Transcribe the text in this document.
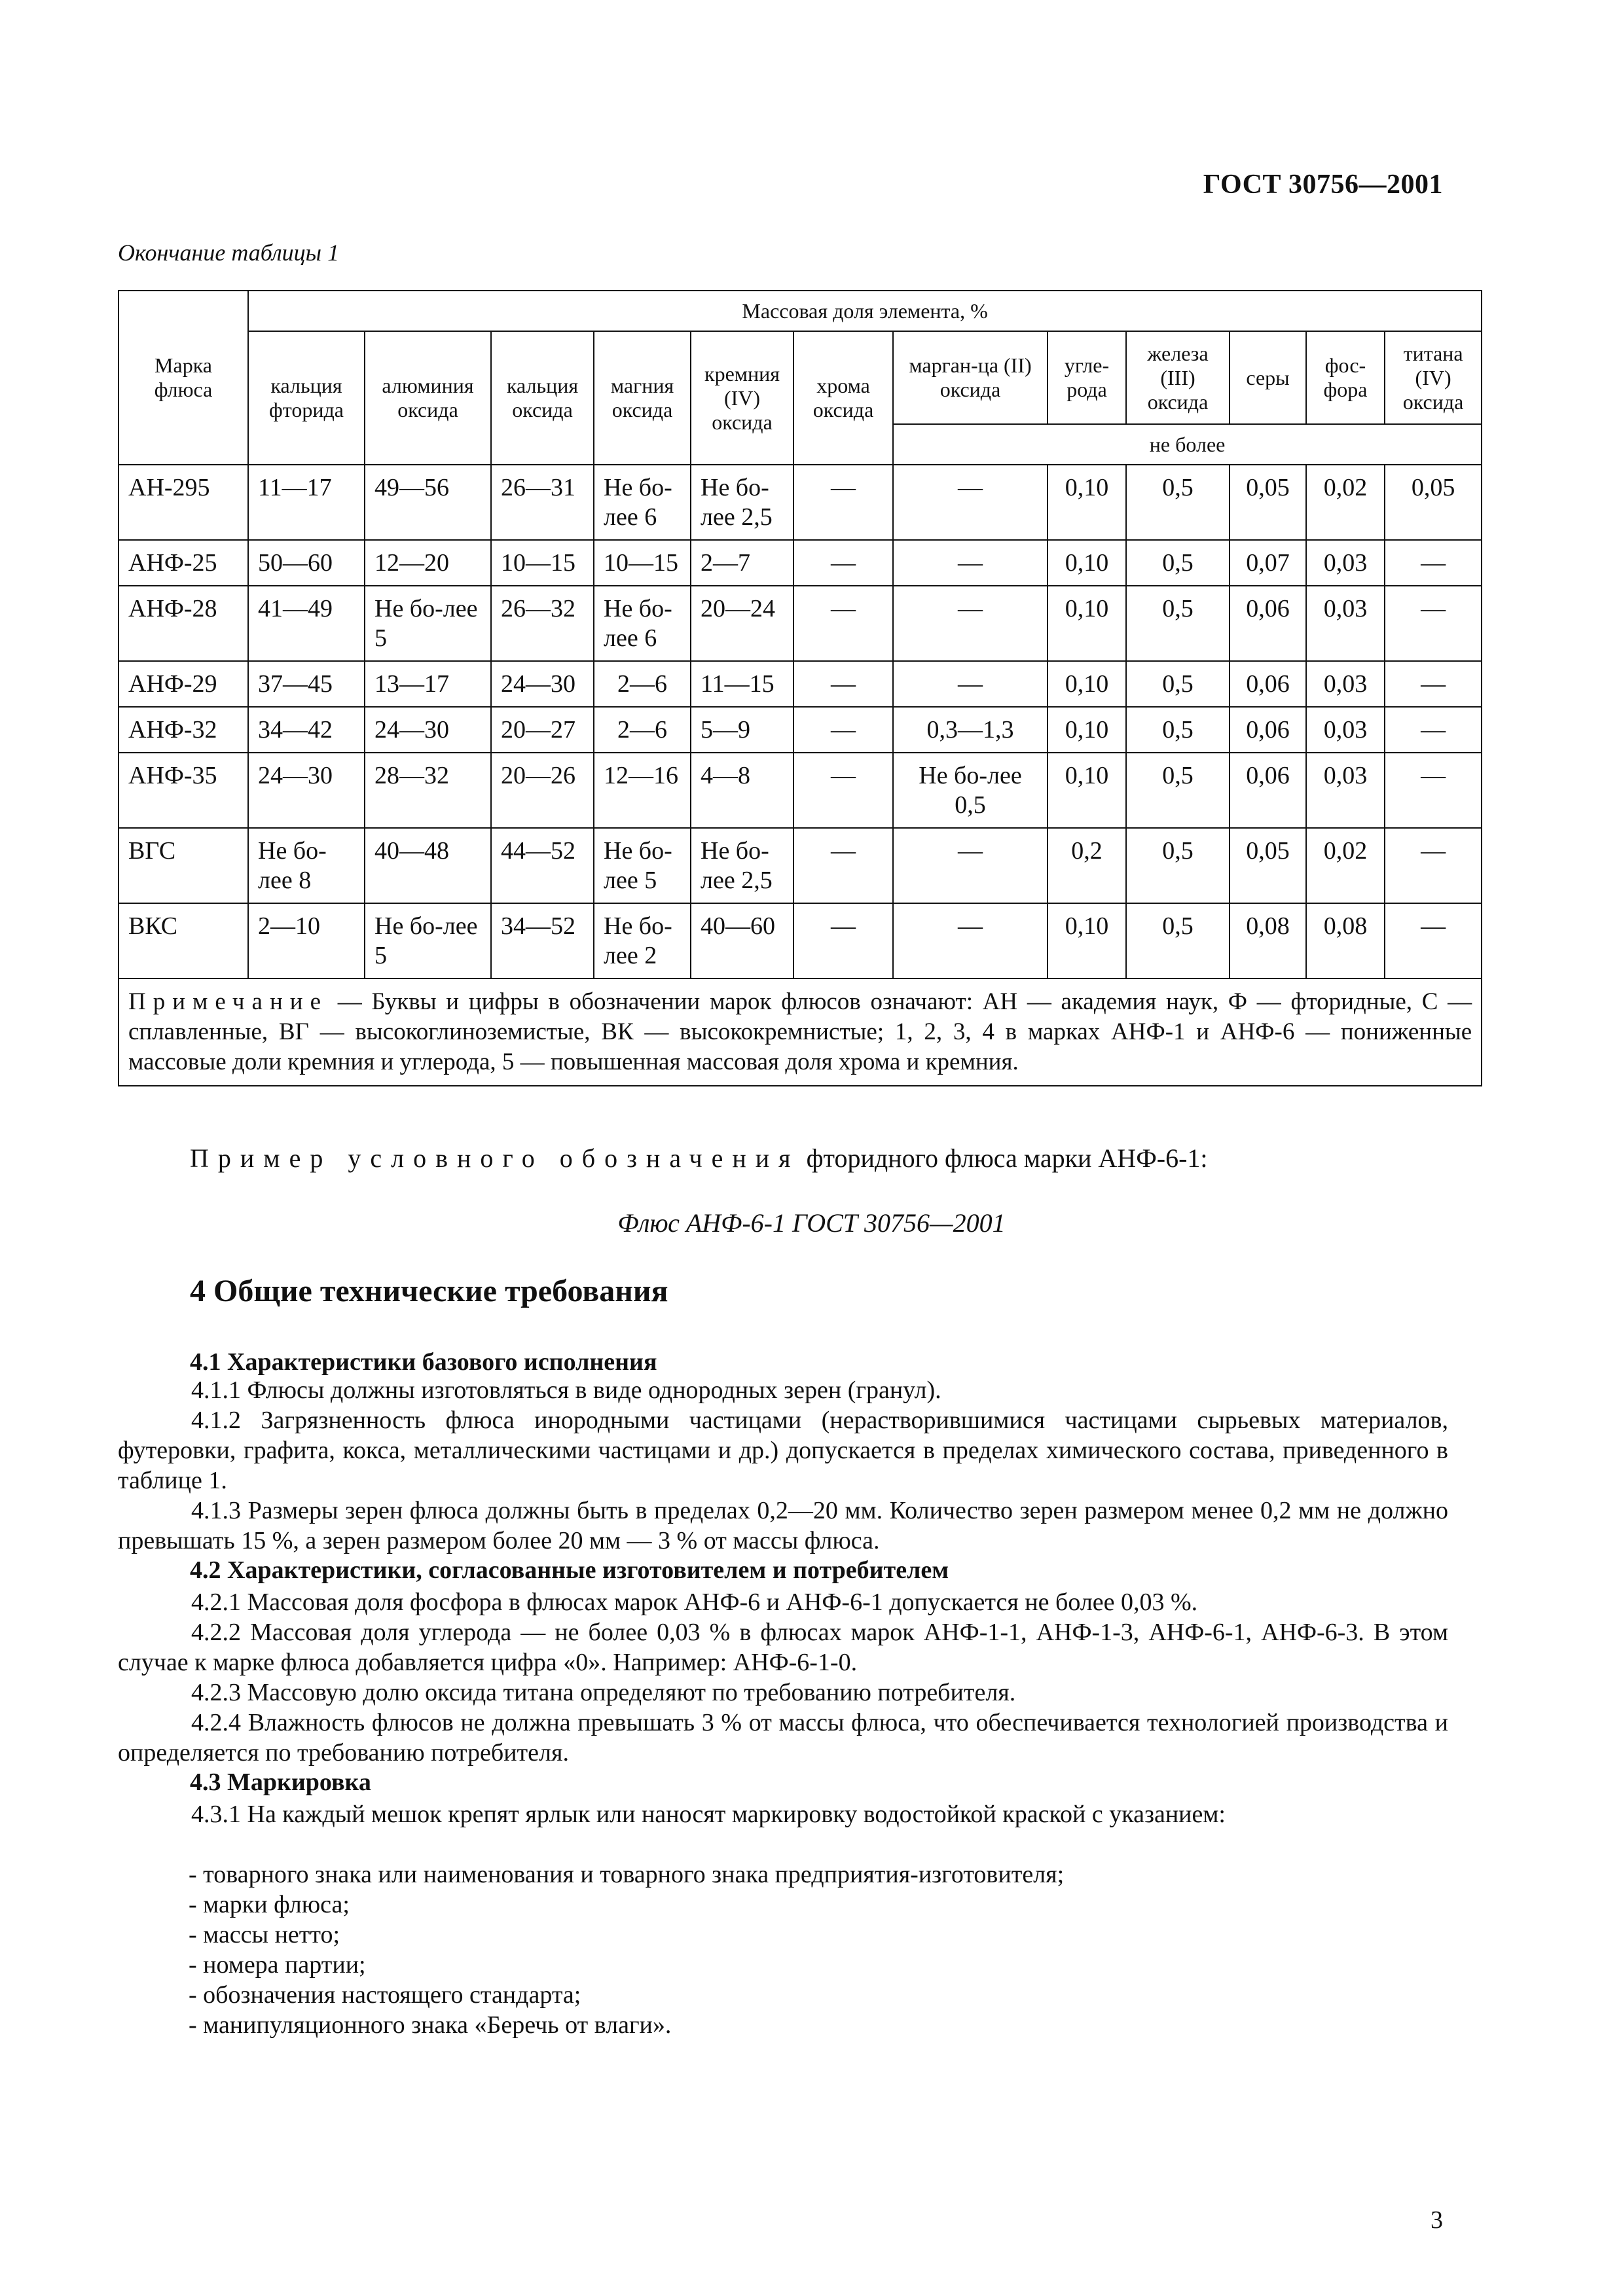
ГОСТ 30756—2001
Окончание таблицы 1
Марка флюса	Массовая доля элемента, %											
	кальция фторида	алюминия оксида	кальция оксида	магния оксида	кремния (IV) оксида	хрома оксида	марган-ца (II) оксида	угле-рода	железа (III) оксида	серы	фос-фора	титана (IV) оксида
							не более					
АН-295	11—17	49—56	26—31	Не бо-лее 6	Не бо-лее 2,5	—	—	0,10	0,5	0,05	0,02	0,05
АНФ-25	50—60	12—20	10—15	10—15	2—7	—	—	0,10	0,5	0,07	0,03	—
АНФ-28	41—49	Не бо-лее 5	26—32	Не бо-лее 6	20—24	—	—	0,10	0,5	0,06	0,03	—
АНФ-29	37—45	13—17	24—30	2—6	11—15	—	—	0,10	0,5	0,06	0,03	—
АНФ-32	34—42	24—30	20—27	2—6	5—9	—	0,3—1,3	0,10	0,5	0,06	0,03	—
АНФ-35	24—30	28—32	20—26	12—16	4—8	—	Не бо-лее 0,5	0,10	0,5	0,06	0,03	—
ВГС	Не бо-лее 8	40—48	44—52	Не бо-лее 5	Не бо-лее 2,5	—	—	0,2	0,5	0,05	0,02	—
ВКС	2—10	Не бо-лее 5	34—52	Не бо-лее 2	40—60	—	—	0,10	0,5	0,08	0,08	—
Примечание — Буквы и цифры в обозначении марок флюсов означают: АН — академия наук, Ф — фторидные, С — сплавленные, ВГ — высокоглиноземистые, ВК — высококремнистые; 1, 2, 3, 4 в марках АНФ-1 и АНФ-6 — пониженные массовые доли кремния и углерода, 5 — повышенная массовая доля хрома и кремния.												
Пример условного обозначения фторидного флюса марки АНФ-6-1:
Флюс АНФ-6-1 ГОСТ 30756—2001
4 Общие технические требования
4.1 Характеристики базового исполнения
4.1.1 Флюсы должны изготовляться в виде однородных зерен (гранул).
4.1.2 Загрязненность флюса инородными частицами (нерастворившимися частицами сырьевых материалов, футеровки, графита, кокса, металлическими частицами и др.) допускается в пределах химического состава, приведенного в таблице 1.
4.1.3 Размеры зерен флюса должны быть в пределах 0,2—20 мм. Количество зерен размером менее 0,2 мм не должно превышать 15 %, а зерен размером более 20 мм — 3 % от массы флюса.
4.2 Характеристики, согласованные изготовителем и потребителем
4.2.1 Массовая доля фосфора в флюсах марок АНФ-6 и АНФ-6-1 допускается не более 0,03 %.
4.2.2 Массовая доля углерода — не более 0,03 % в флюсах марок АНФ-1-1, АНФ-1-3, АНФ-6-1, АНФ-6-3. В этом случае к марке флюса добавляется цифра «0». Например: АНФ-6-1-0.
4.2.3 Массовую долю оксида титана определяют по требованию потребителя.
4.2.4 Влажность флюсов не должна превышать 3 % от массы флюса, что обеспечивается технологией производства и определяется по требованию потребителя.
4.3 Маркировка
4.3.1 На каждый мешок крепят ярлык или наносят маркировку водостойкой краской с указанием:
- товарного знака или наименования и товарного знака предприятия-изготовителя;
- марки флюса;
- массы нетто;
- номера партии;
- обозначения настоящего стандарта;
- манипуляционного знака «Беречь от влаги».
3
